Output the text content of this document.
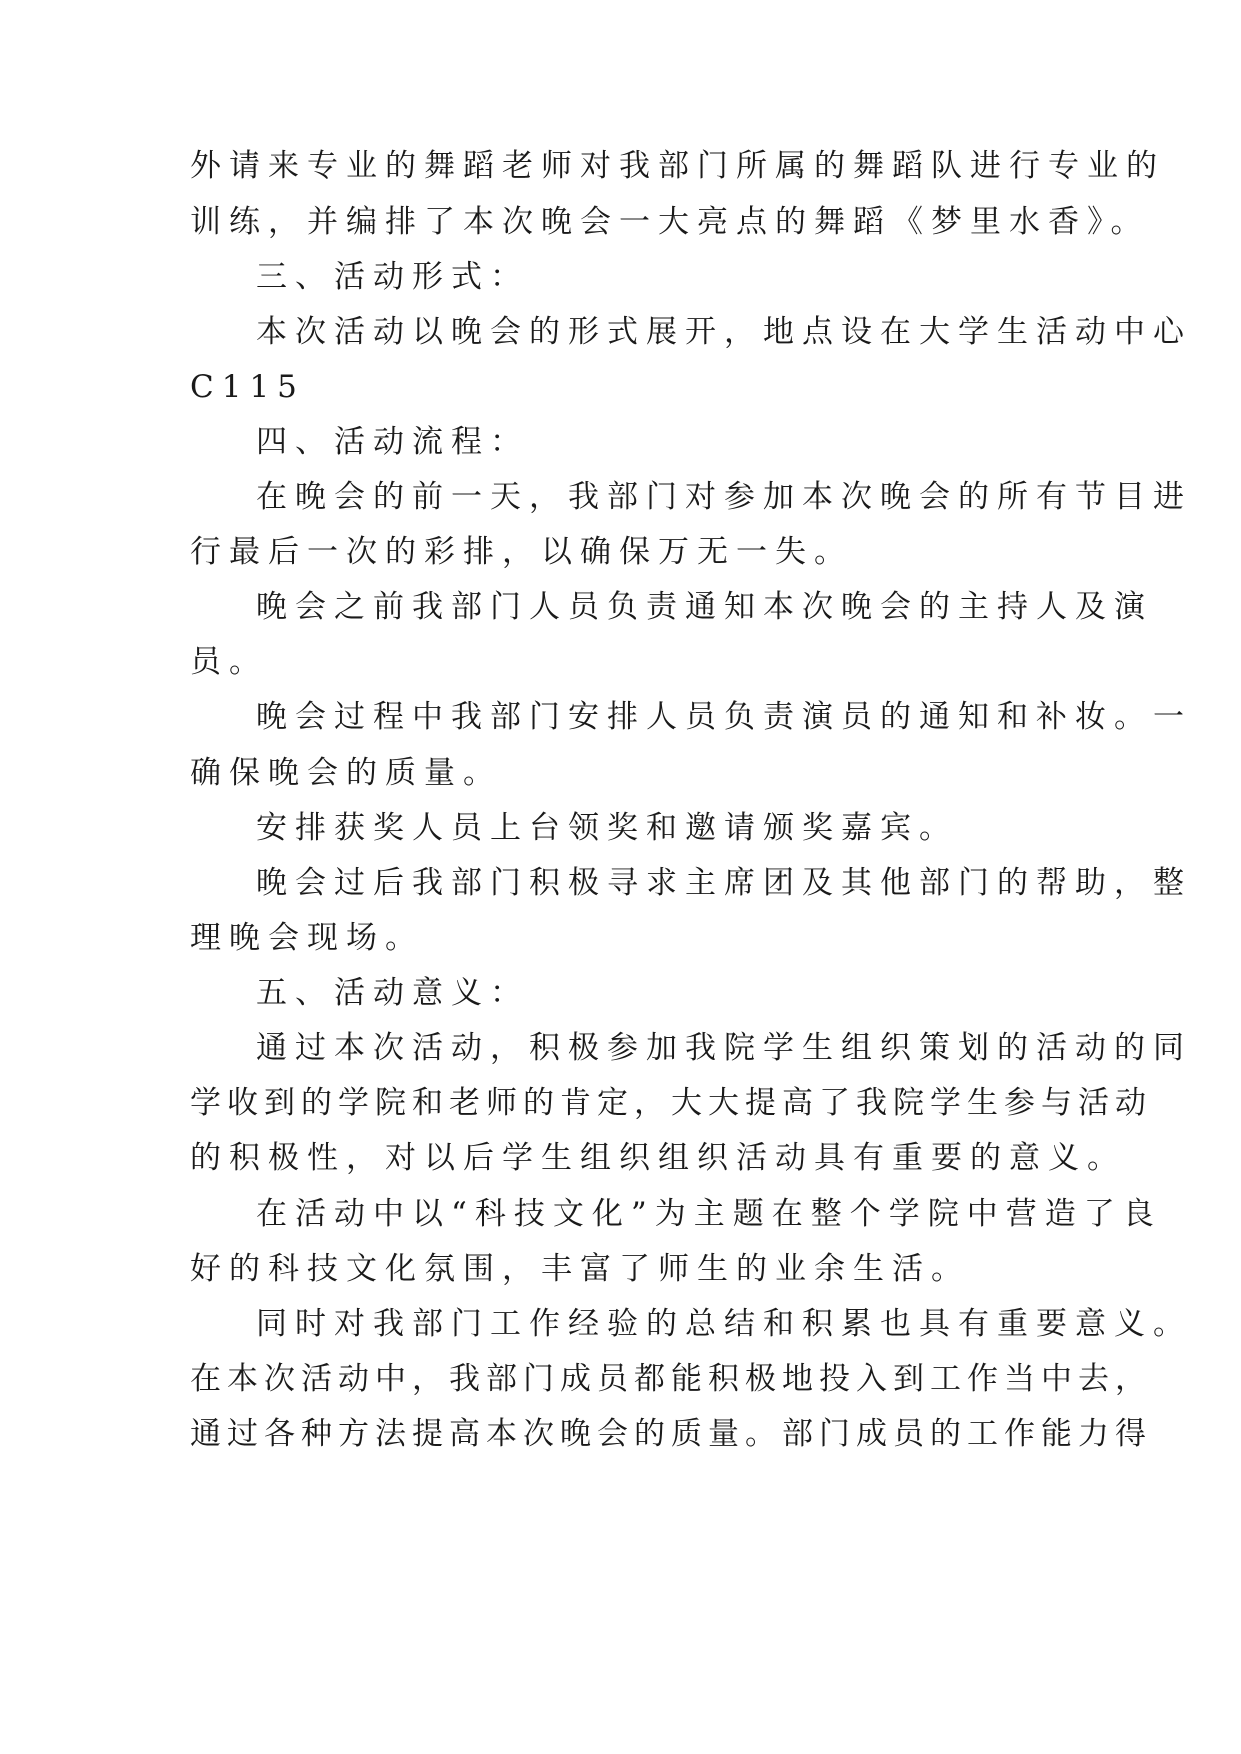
外请来专业的舞蹈老师对我部门所属的舞蹈队进行专业的
训练，并编排了本次晚会一大亮点的舞蹈《梦里水香》。
三、活动形式：
本次活动以晚会的形式展开，地点设在大学生活动中心
C115
四、活动流程：
在晚会的前一天，我部门对参加本次晚会的所有节目进
行最后一次的彩排，以确保万无一失。
晚会之前我部门人员负责通知本次晚会的主持人及演
员。
晚会过程中我部门安排人员负责演员的通知和补妆。一
确保晚会的质量。
安排获奖人员上台领奖和邀请颁奖嘉宾。
晚会过后我部门积极寻求主席团及其他部门的帮助，整
理晚会现场。
五、活动意义：
通过本次活动，积极参加我院学生组织策划的活动的同
学收到的学院和老师的肯定，大大提高了我院学生参与活动
的积极性，对以后学生组织组织活动具有重要的意义。
在活动中以“科技文化”为主题在整个学院中营造了良
好的科技文化氛围，丰富了师生的业余生活。
同时对我部门工作经验的总结和积累也具有重要意义。
在本次活动中，我部门成员都能积极地投入到工作当中去，
通过各种方法提高本次晚会的质量。部门成员的工作能力得
